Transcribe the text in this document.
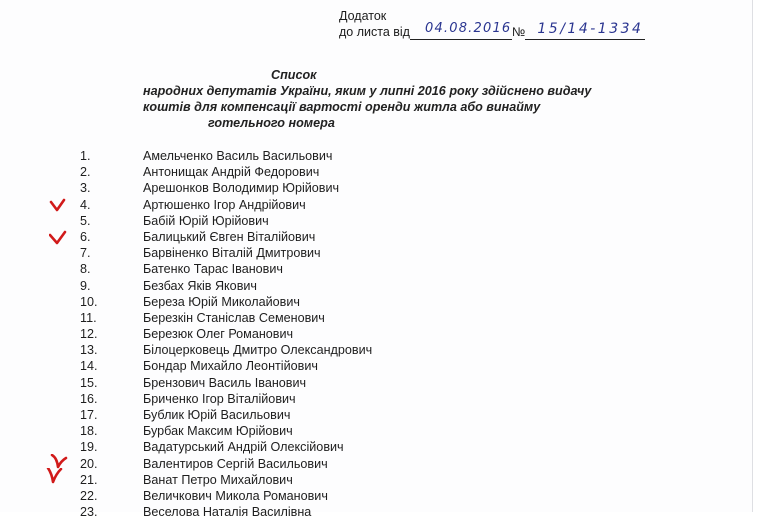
Додаток
до листа від 04.08.2016 № 15/14-1334
Список
народних депутатів України, яким у липні 2016 року здійснено видачу
коштів для компенсації вартості оренди житла або винайму
готельного номера
1.	Амельченко Василь Васильович
2.	Антонищак Андрій Федорович
3.	Арешонков Володимир Юрійович
4.	Артюшенко Ігор Андрійович
5.	Бабій Юрій Юрійович
6.	Балицький Євген Віталійович
7.	Барвіненко Віталій Дмитрович
8.	Батенко Тарас Іванович
9.	Безбах Яків Якович
10.	Береза Юрій Миколайович
11.	Березкін Станіслав Семенович
12.	Березюк Олег Романович
13.	Білоцерковець Дмитро Олександрович
14.	Бондар Михайло Леонтійович
15.	Брензович Василь Іванович
16.	Бриченко Ігор Віталійович
17.	Бублик Юрій Васильович
18.	Бурбак Максим Юрійович
19.	Вадатурський Андрій Олексійович
20.	Валентиров Сергій Васильович
21.	Ванат Петро Михайлович
22.	Величкович Микола Романович
23.	Веселова Наталія Василівна
